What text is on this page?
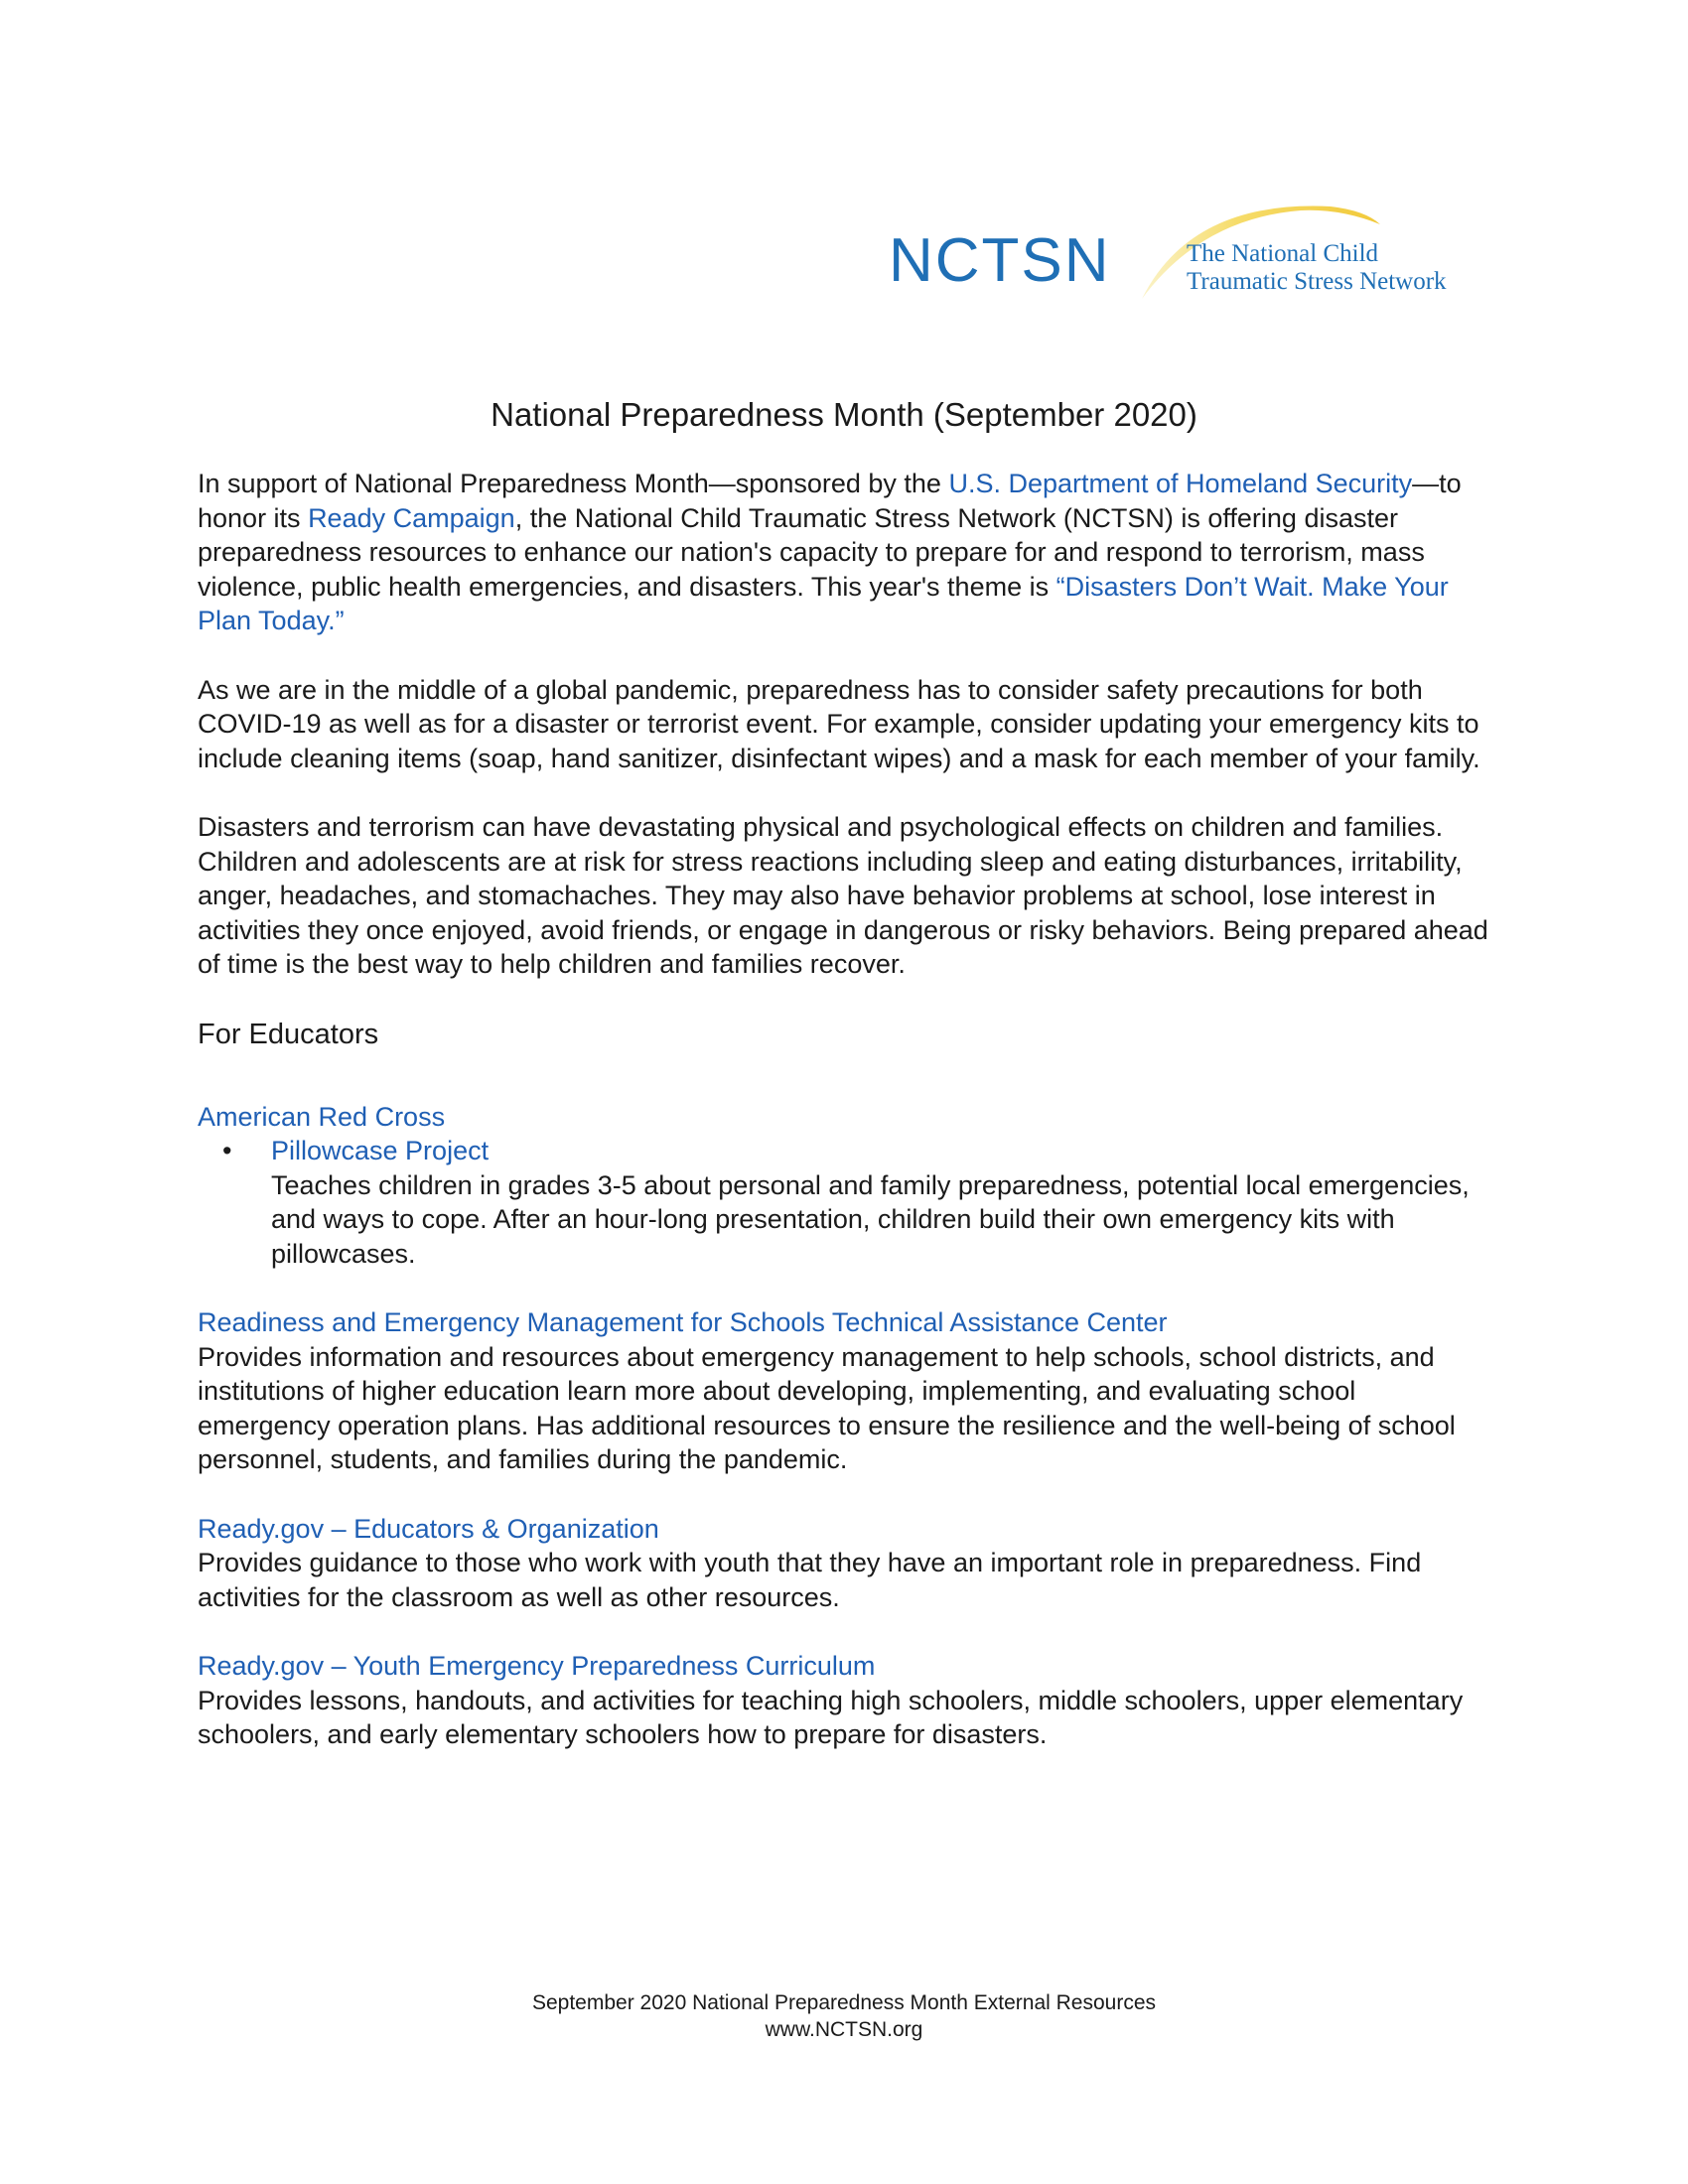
NCTSN	The National Child
Traumatic Stress Network
National Preparedness Month (September 2020)

In support of National Preparedness Month—sponsored by the U.S. Department of Homeland Security—to honor its Ready Campaign, the National Child Traumatic Stress Network (NCTSN) is offering disaster preparedness resources to enhance our nation's capacity to prepare for and respond to terrorism, mass violence, public health emergencies, and disasters. This year's theme is “Disasters Don’t Wait. Make Your Plan Today.”

As we are in the middle of a global pandemic, preparedness has to consider safety precautions for both COVID-19 as well as for a disaster or terrorist event. For example, consider updating your emergency kits to include cleaning items (soap, hand sanitizer, disinfectant wipes) and a mask for each member of your family.

Disasters and terrorism can have devastating physical and psychological effects on children and families. Children and adolescents are at risk for stress reactions including sleep and eating disturbances, irritability, anger, headaches, and stomachaches. They may also have behavior problems at school, lose interest in activities they once enjoyed, avoid friends, or engage in dangerous or risky behaviors. Being prepared ahead of time is the best way to help children and families recover.

For Educators

American Red Cross

• Pillowcase Project
Teaches children in grades 3-5 about personal and family preparedness, potential local emergencies, and ways to cope. After an hour-long presentation, children build their own emergency kits with pillowcases.

Readiness and Emergency Management for Schools Technical Assistance Center

Provides information and resources about emergency management to help schools, school districts, and institutions of higher education learn more about developing, implementing, and evaluating school emergency operation plans. Has additional resources to ensure the resilience and the well-being of school personnel, students, and families during the pandemic.

Ready.gov – Educators & Organization

Provides guidance to those who work with youth that they have an important role in preparedness. Find activities for the classroom as well as other resources.

Ready.gov – Youth Emergency Preparedness Curriculum

Provides lessons, handouts, and activities for teaching high schoolers, middle schoolers, upper elementary schoolers, and early elementary schoolers how to prepare for disasters.

September 2020 National Preparedness Month External Resources
www.NCTSN.org
